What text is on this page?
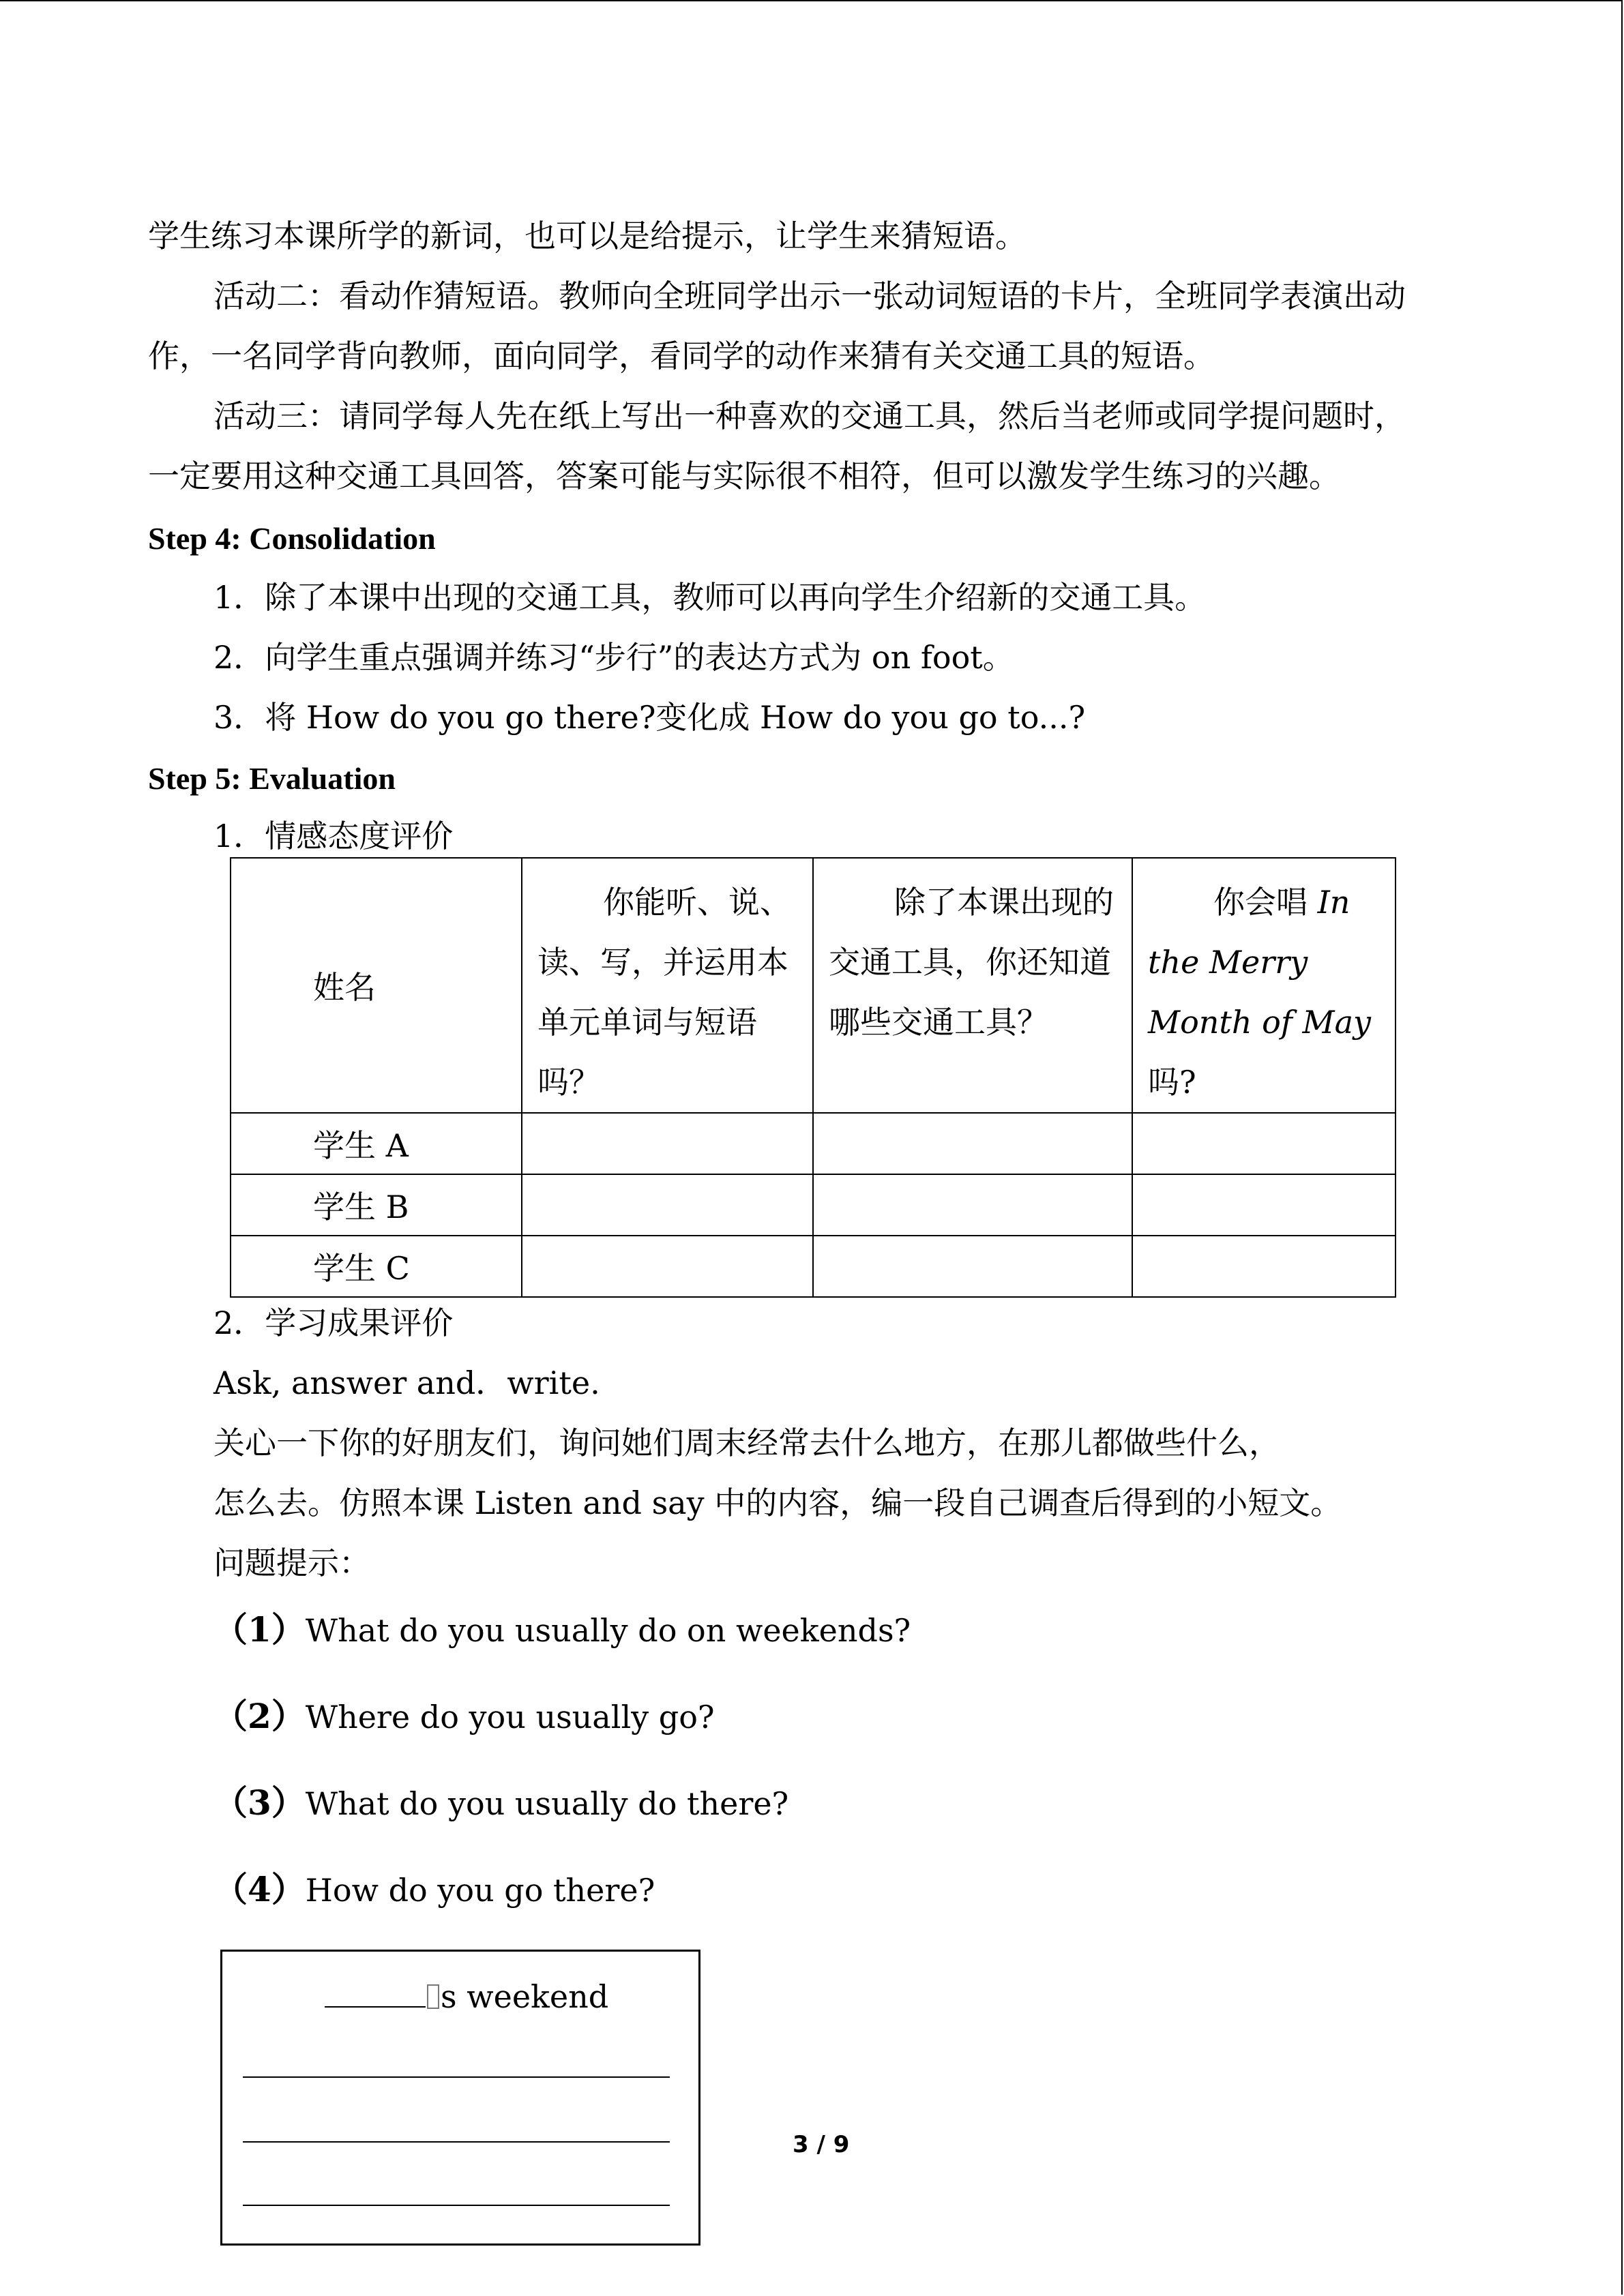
学生练习本课所学的新词，也可以是给提示，让学生来猜短语。
活动二：看动作猜短语。教师向全班同学出示一张动词短语的卡片，全班同学表演出动
作，一名同学背向教师，面向同学，看同学的动作来猜有关交通工具的短语。
活动三：请同学每人先在纸上写出一种喜欢的交通工具，然后当老师或同学提问题时，
一定要用这种交通工具回答，答案可能与实际很不相符，但可以激发学生练习的兴趣。
Step 4: Consolidation
1．除了本课中出现的交通工具，教师可以再向学生介绍新的交通工具。
2．向学生重点强调并练习“步行”的表达方式为 on foot。
3．将 How do you go there?变化成 How do you go to...?
Step 5: Evaluation
1．情感态度评价
姓名	你能听、说、读、写，并运用本单元单词与短语吗？	除了本课出现的交通工具，你还知道哪些交通工具？	你会唱 In the Merry Month of May 吗?
学生 A			
学生 B			
学生 C			
2．学习成果评价
Ask, answer and．write.
关心一下你的好朋友们，询问她们周末经常去什么地方，在那儿都做些什么，
怎么去。仿照本课 Listen and say 中的内容，编一段自己调查后得到的小短文。
问题提示：
（1）What do you usually do on weekends?
（2）Where do you usually go?
（3）What do you usually do there?
（4）How do you go there?
s weekend
3 / 9
